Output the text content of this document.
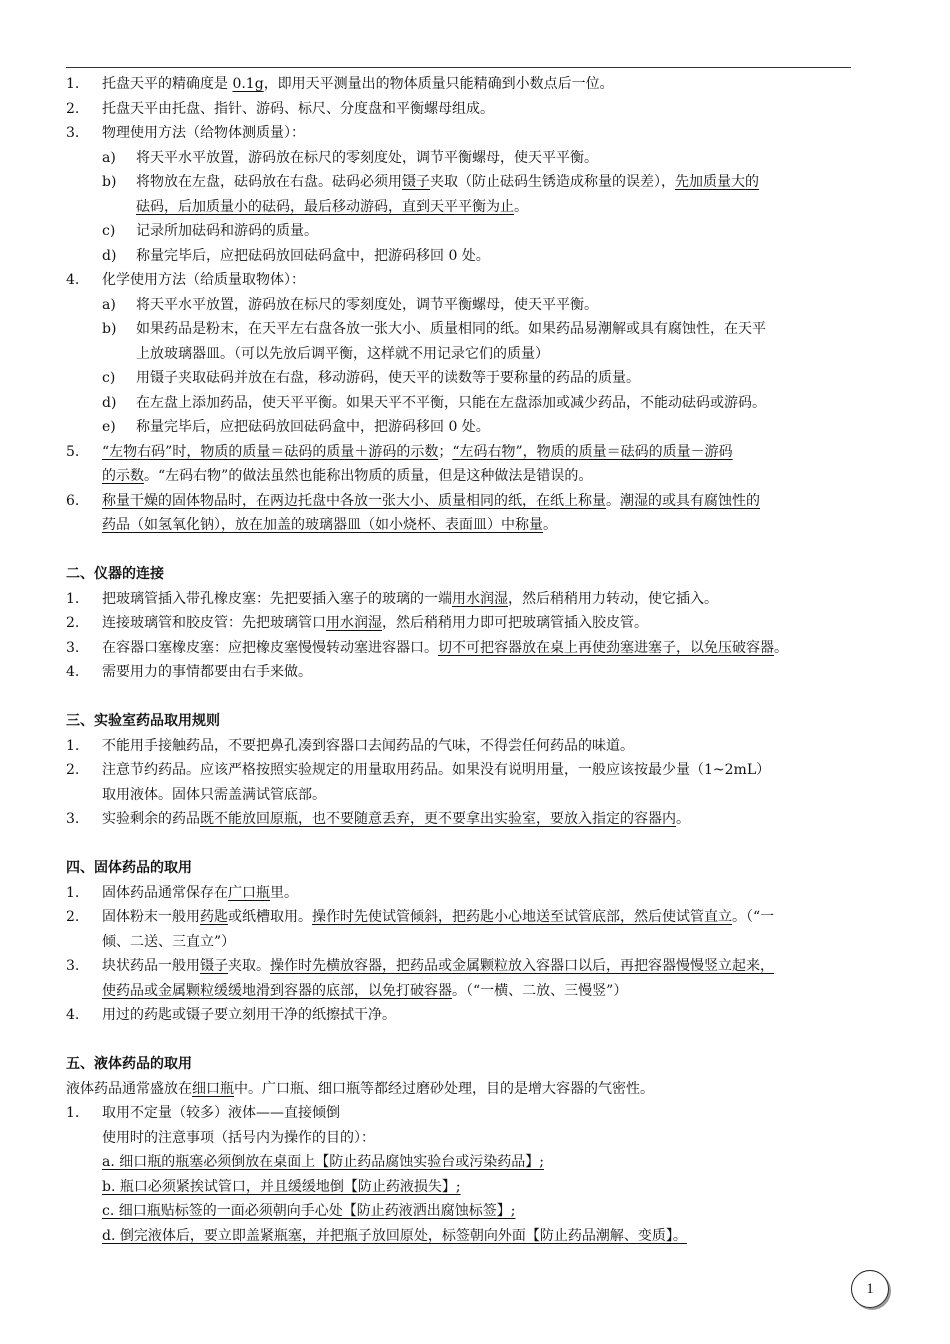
1. 托盘天平的精确度是 0.1g，即用天平测量出的物体质量只能精确到小数点后一位。
2. 托盘天平由托盘、指针、游码、标尺、分度盘和平衡螺母组成。
3. 物理使用方法（给物体测质量）：
a) 将天平水平放置，游码放在标尺的零刻度处，调节平衡螺母，使天平平衡。
b) 将物放在左盘，砝码放在右盘。砝码必须用镊子夹取（防止砝码生锈造成称量的误差），先加质量大的
砝码，后加质量小的砝码，最后移动游码，直到天平平衡为止。
c) 记录所加砝码和游码的质量。
d) 称量完毕后，应把砝码放回砝码盒中，把游码移回 0 处。
4. 化学使用方法（给质量取物体）：
a) 将天平水平放置，游码放在标尺的零刻度处，调节平衡螺母，使天平平衡。
b) 如果药品是粉末，在天平左右盘各放一张大小、质量相同的纸。如果药品易潮解或具有腐蚀性，在天平
上放玻璃器皿。（可以先放后调平衡，这样就不用记录它们的质量）
c) 用镊子夹取砝码并放在右盘，移动游码，使天平的读数等于要称量的药品的质量。
d) 在左盘上添加药品，使天平平衡。如果天平不平衡，只能在左盘添加或减少药品，不能动砝码或游码。
e) 称量完毕后，应把砝码放回砝码盒中，把游码移回 0 处。
5. “左物右码”时，物质的质量＝砝码的质量＋游码的示数；“左码右物”，物质的质量＝砝码的质量－游码
的示数。“左码右物”的做法虽然也能称出物质的质量，但是这种做法是错误的。
6. 称量干燥的固体物品时，在两边托盘中各放一张大小、质量相同的纸，在纸上称量。潮湿的或具有腐蚀性的
药品（如氢氧化钠），放在加盖的玻璃器皿（如小烧杯、表面皿）中称量。
二、仪器的连接
1. 把玻璃管插入带孔橡皮塞：先把要插入塞子的玻璃的一端用水润湿，然后稍稍用力转动，使它插入。
2. 连接玻璃管和胶皮管：先把玻璃管口用水润湿，然后稍稍用力即可把玻璃管插入胶皮管。
3. 在容器口塞橡皮塞：应把橡皮塞慢慢转动塞进容器口。切不可把容器放在桌上再使劲塞进塞子，以免压破容器。
4. 需要用力的事情都要由右手来做。
三、实验室药品取用规则
1. 不能用手接触药品，不要把鼻孔凑到容器口去闻药品的气味，不得尝任何药品的味道。
2. 注意节约药品。应该严格按照实验规定的用量取用药品。如果没有说明用量，一般应该按最少量（1~2mL）
取用液体。固体只需盖满试管底部。
3. 实验剩余的药品既不能放回原瓶，也不要随意丢弃，更不要拿出实验室，要放入指定的容器内。
四、固体药品的取用
1. 固体药品通常保存在广口瓶里。
2. 固体粉末一般用药匙或纸槽取用。操作时先使试管倾斜，把药匙小心地送至试管底部，然后使试管直立。（“一
倾、二送、三直立”）
3. 块状药品一般用镊子夹取。操作时先横放容器，把药品或金属颗粒放入容器口以后，再把容器慢慢竖立起来，
使药品或金属颗粒缓缓地滑到容器的底部，以免打破容器。（“一横、二放、三慢竖”）
4. 用过的药匙或镊子要立刻用干净的纸擦拭干净。
五、液体药品的取用
液体药品通常盛放在细口瓶中。广口瓶、细口瓶等都经过磨砂处理，目的是增大容器的气密性。
1. 取用不定量（较多）液体——直接倾倒
使用时的注意事项（括号内为操作的目的）：
a. 细口瓶的瓶塞必须倒放在桌面上【防止药品腐蚀实验台或污染药品】;
b. 瓶口必须紧挨试管口，并且缓缓地倒【防止药液损失】;
c. 细口瓶贴标签的一面必须朝向手心处【防止药液洒出腐蚀标签】;
d. 倒完液体后，要立即盖紧瓶塞，并把瓶子放回原处，标签朝向外面【防止药品潮解、变质】。
1
